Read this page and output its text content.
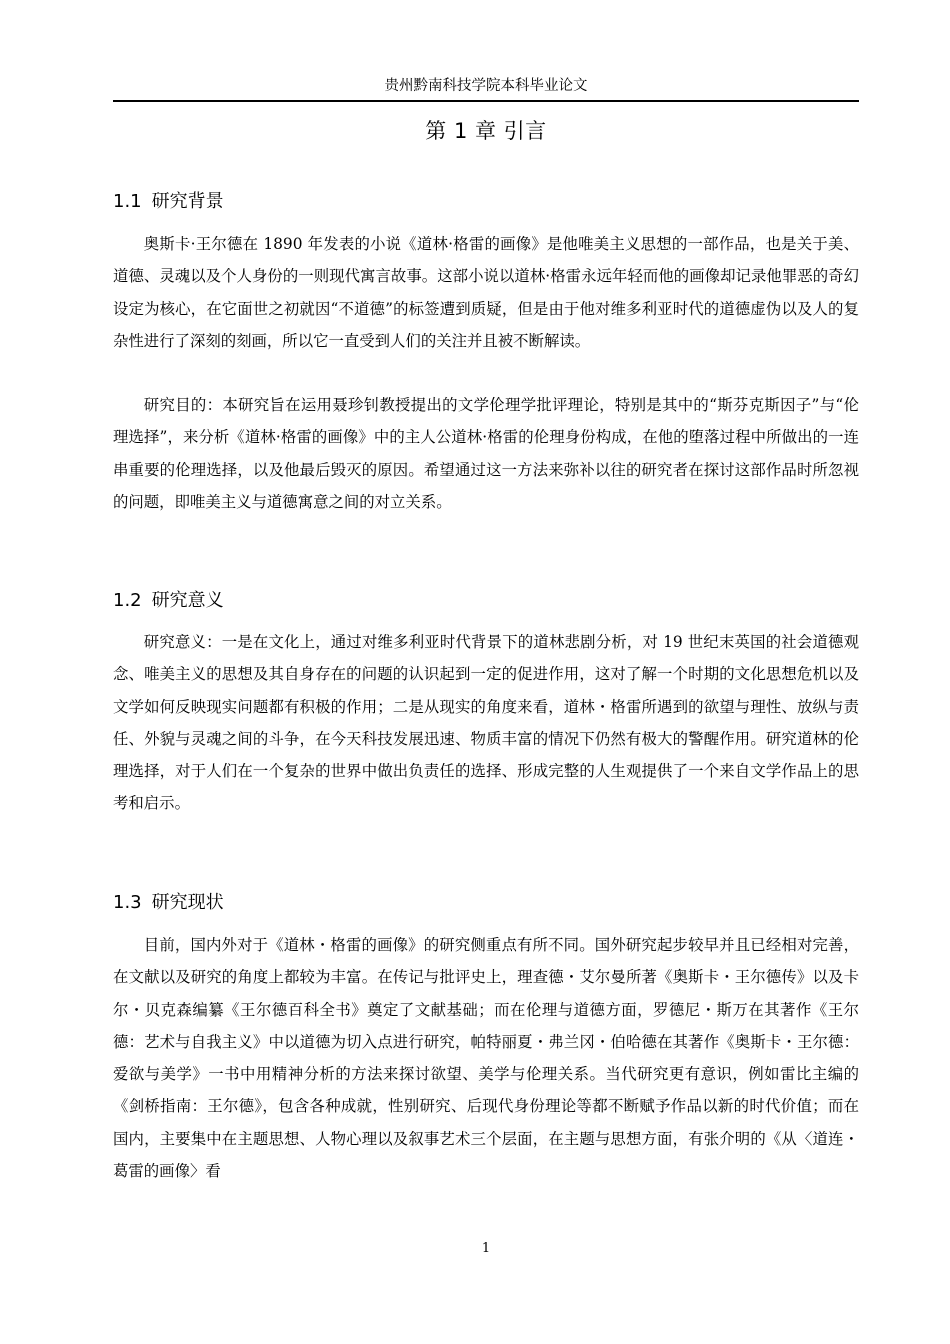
贵州黔南科技学院本科毕业论文
第 1 章 引言
1.1 研究背景

奥斯卡·王尔德在 1890 年发表的小说《道林·格雷的画像》是他唯美主义思想的一部作品，也是关于美、道德、灵魂以及个人身份的一则现代寓言故事。这部小说以道林·格雷永远年轻而他的画像却记录他罪恶的奇幻设定为核心，在它面世之初就因“不道德”的标签遭到质疑，但是由于他对维多利亚时代的道德虚伪以及人的复杂性进行了深刻的刻画，所以它一直受到人们的关注并且被不断解读。

研究目的：本研究旨在运用聂珍钊教授提出的文学伦理学批评理论，特别是其中的“斯芬克斯因子”与“伦理选择”，来分析《道林·格雷的画像》中的主人公道林·格雷的伦理身份构成，在他的堕落过程中所做出的一连串重要的伦理选择，以及他最后毁灭的原因。希望通过这一方法来弥补以往的研究者在探讨这部作品时所忽视的问题，即唯美主义与道德寓意之间的对立关系。

1.2 研究意义

研究意义：一是在文化上，通过对维多利亚时代背景下的道林悲剧分析，对 19 世纪末英国的社会道德观念、唯美主义的思想及其自身存在的问题的认识起到一定的促进作用，这对了解一个时期的文化思想危机以及文学如何反映现实问题都有积极的作用；二是从现实的角度来看，道林・格雷所遇到的欲望与理性、放纵与责任、外貌与灵魂之间的斗争，在今天科技发展迅速、物质丰富的情况下仍然有极大的警醒作用。研究道林的伦理选择，对于人们在一个复杂的世界中做出负责任的选择、形成完整的人生观提供了一个来自文学作品上的思考和启示。

1.3 研究现状

目前，国内外对于《道林・格雷的画像》的研究侧重点有所不同。国外研究起步较早并且已经相对完善，在文献以及研究的角度上都较为丰富。在传记与批评史上，理查德・艾尔曼所著《奥斯卡・王尔德传》以及卡尔・贝克森编纂《王尔德百科全书》奠定了文献基础；而在伦理与道德方面，罗德尼・斯万在其著作《王尔德：艺术与自我主义》中以道德为切入点进行研究，帕特丽夏・弗兰冈・伯哈德在其著作《奥斯卡・王尔德：爱欲与美学》一书中用精神分析的方法来探讨欲望、美学与伦理关系。当代研究更有意识，例如雷比主编的《剑桥指南：王尔德》，包含各种成就，性别研究、后现代身份理论等都不断赋予作品以新的时代价值；而在国内，主要集中在主题思想、人物心理以及叙事艺术三个层面，在主题与思想方面，有张介明的《从〈道连・葛雷的画像〉看

1
